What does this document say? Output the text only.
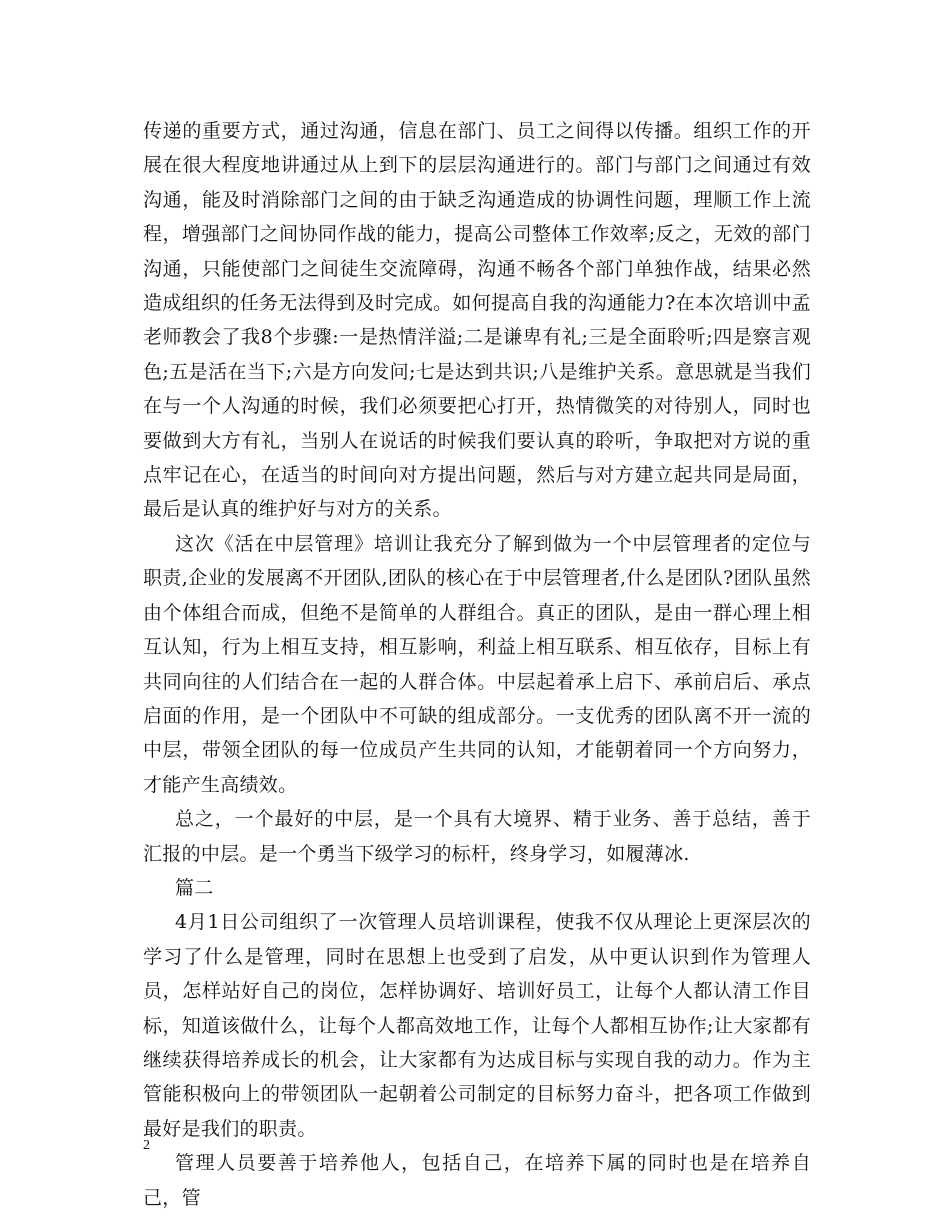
传递的重要方式，通过沟通，信息在部门、员工之间得以传播。组织工作的开展在很大程度地讲通过从上到下的层层沟通进行的。部门与部门之间通过有效沟通，能及时消除部门之间的由于缺乏沟通造成的协调性问题，理顺工作上流程，增强部门之间协同作战的能力，提高公司整体工作效率;反之，无效的部门沟通，只能使部门之间徒生交流障碍，沟通不畅各个部门单独作战，结果必然造成组织的任务无法得到及时完成。如何提高自我的沟通能力?在本次培训中孟老师教会了我8个步骤:一是热情洋溢;二是谦卑有礼;三是全面聆听;四是察言观色;五是活在当下;六是方向发问;七是达到共识;八是维护关系。意思就是当我们在与一个人沟通的时候，我们必须要把心打开，热情微笑的对待别人，同时也要做到大方有礼，当别人在说话的时候我们要认真的聆听，争取把对方说的重点牢记在心，在适当的时间向对方提出问题，然后与对方建立起共同是局面，最后是认真的维护好与对方的关系。

这次《活在中层管理》培训让我充分了解到做为一个中层管理者的定位与职责,企业的发展离不开团队,团队的核心在于中层管理者,什么是团队?团队虽然由个体组合而成，但绝不是简单的人群组合。真正的团队，是由一群心理上相互认知，行为上相互支持，相互影响，利益上相互联系、相互依存，目标上有共同向往的人们结合在一起的人群合体。中层起着承上启下、承前启后、承点启面的作用，是一个团队中不可缺的组成部分。一支优秀的团队离不开一流的中层，带领全团队的每一位成员产生共同的认知，才能朝着同一个方向努力，才能产生高绩效。

总之，一个最好的中层，是一个具有大境界、精于业务、善于总结，善于汇报的中层。是一个勇当下级学习的标杆，终身学习，如履薄冰.

篇二

4月1日公司组织了一次管理人员培训课程，使我不仅从理论上更深层次的学习了什么是管理，同时在思想上也受到了启发，从中更认识到作为管理人员，怎样站好自己的岗位，怎样协调好、培训好员工，让每个人都认清工作目标，知道该做什么，让每个人都高效地工作，让每个人都相互协作;让大家都有继续获得培养成长的机会，让大家都有为达成目标与实现自我的动力。作为主管能积极向上的带领团队一起朝着公司制定的目标努力奋斗，把各项工作做到最好是我们的职责。

管理人员要善于培养他人，包括自己，在培养下属的同时也是在培养自己，管

2
